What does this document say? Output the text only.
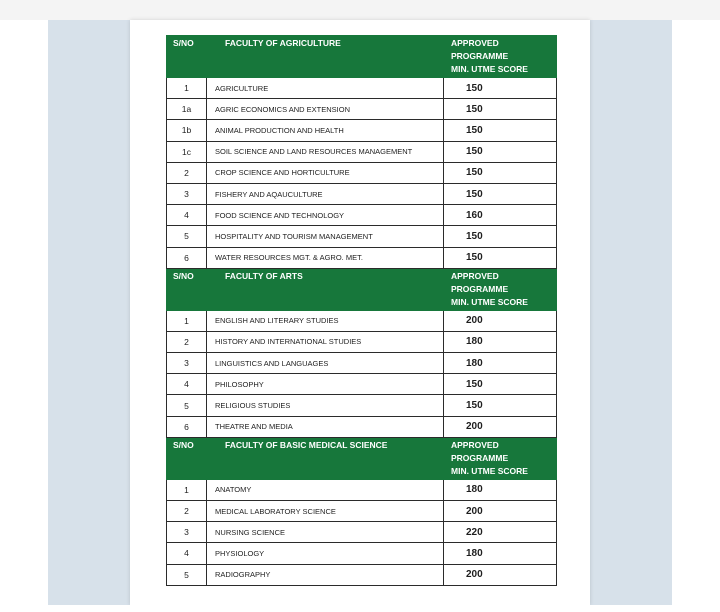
S/NO	FACULTY OF AGRICULTURE	APPROVED
PROGRAMME
MIN. UTME SCORE

1	AGRICULTURE	150
1a	AGRIC ECONOMICS AND EXTENSION	150
1b	ANIMAL PRODUCTION AND HEALTH	150
1c	SOIL SCIENCE AND LAND RESOURCES MANAGEMENT	150
2	CROP SCIENCE AND HORTICULTURE	150
3	FISHERY AND AQAUCULTURE	150
4	FOOD SCIENCE AND TECHNOLOGY	160
5	HOSPITALITY AND TOURISM MANAGEMENT	150
6	WATER RESOURCES MGT. & AGRO. MET.	150
S/NO	FACULTY OF ARTS	APPROVED
PROGRAMME
MIN. UTME SCORE

1	ENGLISH AND LITERARY STUDIES	200
2	HISTORY AND INTERNATIONAL STUDIES	180
3	LINGUISTICS AND LANGUAGES	180
4	PHILOSOPHY	150
5	RELIGIOUS STUDIES	150
6	THEATRE AND MEDIA	200
S/NO	FACULTY OF BASIC MEDICAL SCIENCE	APPROVED
PROGRAMME
MIN. UTME SCORE

1	ANATOMY	180
2	MEDICAL LABORATORY SCIENCE	200
3	NURSING SCIENCE	220
4	PHYSIOLOGY	180
5	RADIOGRAPHY	200
